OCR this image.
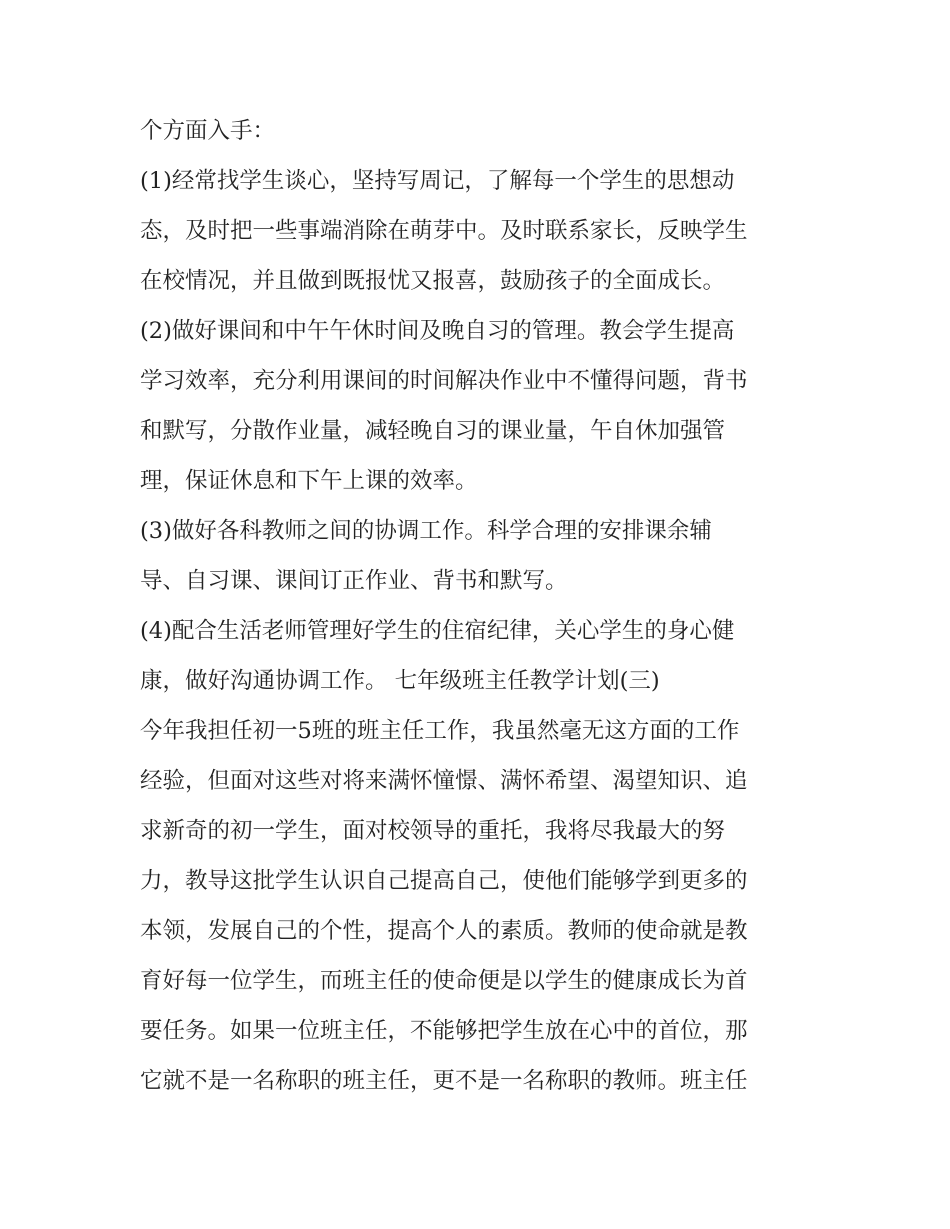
个方面入手：
(1)经常找学生谈心，坚持写周记，了解每一个学生的思想动
态，及时把一些事端消除在萌芽中。及时联系家长，反映学生
在校情况，并且做到既报忧又报喜，鼓励孩子的全面成长。
(2)做好课间和中午午休时间及晚自习的管理。教会学生提高
学习效率，充分利用课间的时间解决作业中不懂得问题，背书
和默写，分散作业量，减轻晚自习的课业量，午自休加强管
理，保证休息和下午上课的效率。
(3)做好各科教师之间的协调工作。科学合理的安排课余辅
导、自习课、课间订正作业、背书和默写。
(4)配合生活老师管理好学生的住宿纪律，关心学生的身心健
康，做好沟通协调工作。 七年级班主任教学计划(三)
今年我担任初一5班的班主任工作，我虽然毫无这方面的工作
经验，但面对这些对将来满怀憧憬、满怀希望、渴望知识、追
求新奇的初一学生，面对校领导的重托，我将尽我最大的努
力，教导这批学生认识自己提高自己，使他们能够学到更多的
本领，发展自己的个性，提高个人的素质。教师的使命就是教
育好每一位学生，而班主任的使命便是以学生的健康成长为首
要任务。如果一位班主任，不能够把学生放在心中的首位，那
它就不是一名称职的班主任，更不是一名称职的教师。班主任
